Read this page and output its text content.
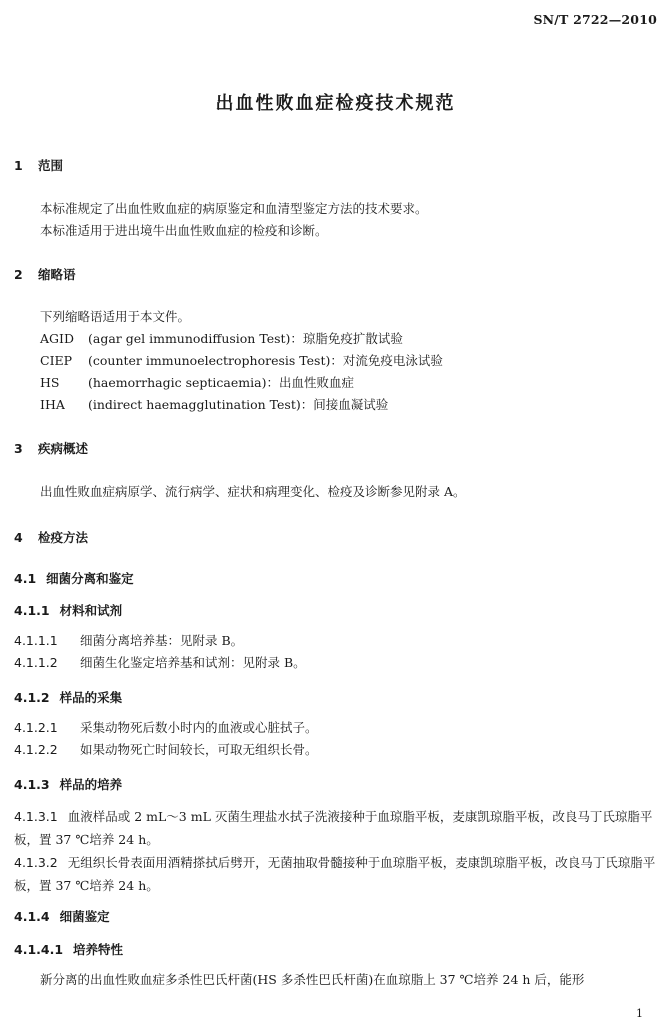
SN/T 2722—2010
出血性败血症检疫技术规范
1 范围
本标准规定了出血性败血症的病原鉴定和血清型鉴定方法的技术要求。
本标准适用于进出境牛出血性败血症的检疫和诊断。
2 缩略语
下列缩略语适用于本文件。
AGID (agar gel immunodiffusion Test)：琼脂免疫扩散试验
CIEP (counter immunoelectrophoresis Test)：对流免疫电泳试验
HS (haemorrhagic septicaemia)：出血性败血症
IHA (indirect haemagglutination Test)：间接血凝试验
3 疾病概述
出血性败血症病原学、流行病学、症状和病理变化、检疫及诊断参见附录 A。
4 检疫方法
4.1 细菌分离和鉴定
4.1.1 材料和试剂
4.1.1.1 细菌分离培养基：见附录 B。
4.1.1.2 细菌生化鉴定培养基和试剂：见附录 B。
4.1.2 样品的采集
4.1.2.1 采集动物死后数小时内的血液或心脏拭子。
4.1.2.2 如果动物死亡时间较长，可取无组织长骨。
4.1.3 样品的培养
4.1.3.1 血液样品或 2 mL～3 mL 灭菌生理盐水拭子洗液接种于血琼脂平板，麦康凯琼脂平板，改良马丁氏琼脂平板，置 37 ℃培养 24 h。
4.1.3.2 无组织长骨表面用酒精搽拭后劈开，无菌抽取骨髓接种于血琼脂平板，麦康凯琼脂平板，改良马丁氏琼脂平板，置 37 ℃培养 24 h。
4.1.4 细菌鉴定
4.1.4.1 培养特性
新分离的出血性败血症多杀性巴氏杆菌(HS 多杀性巴氏杆菌)在血琼脂上 37 ℃培养 24 h 后，能形
1
